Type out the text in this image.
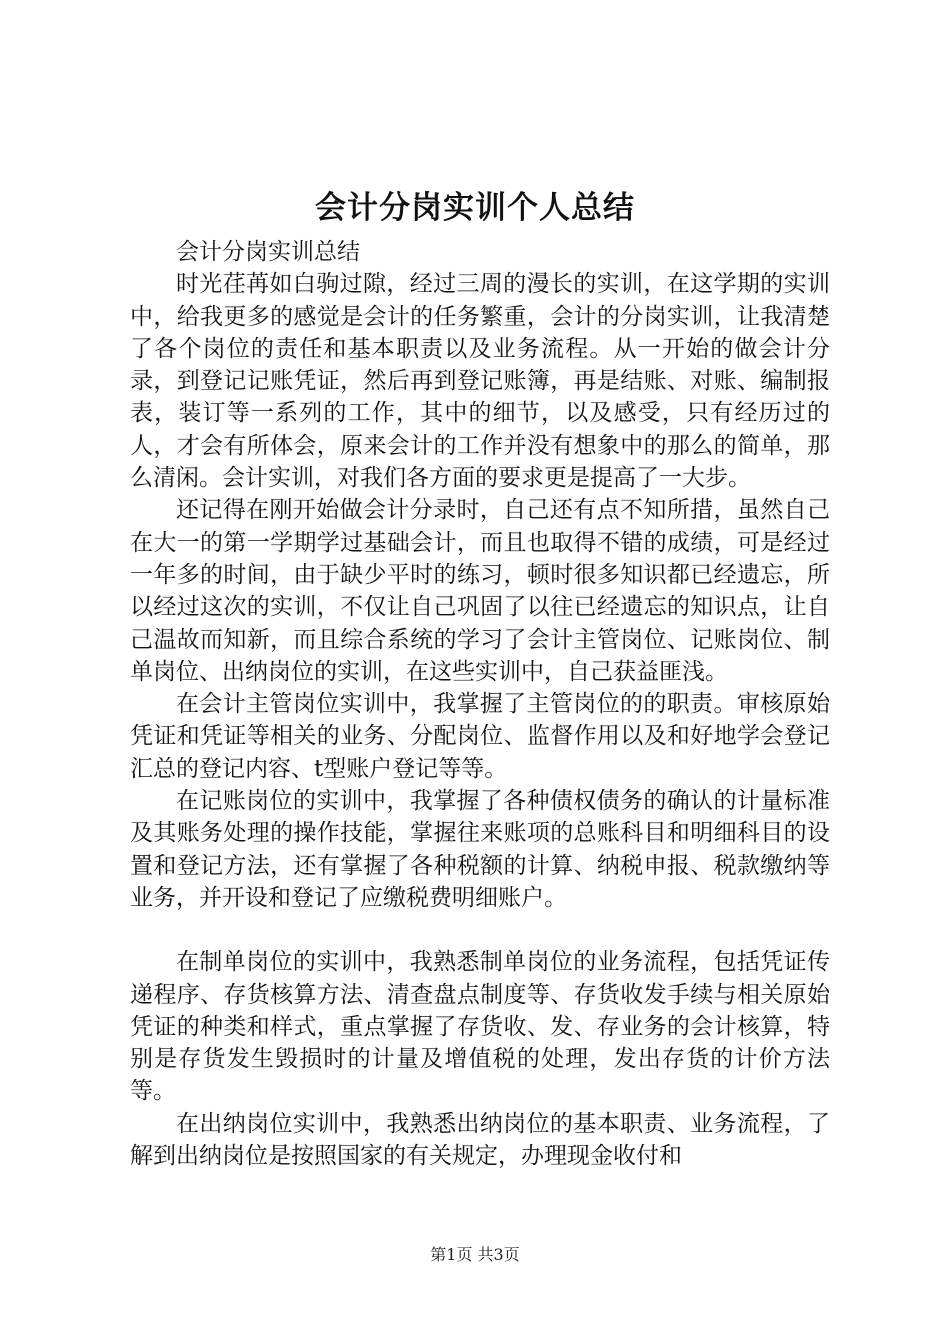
会计分岗实训个人总结

会计分岗实训总结

时光荏苒如白驹过隙，经过三周的漫长的实训，在这学期的实训中，给我更多的感觉是会计的任务繁重，会计的分岗实训，让我清楚了各个岗位的责任和基本职责以及业务流程。从一开始的做会计分录，到登记记账凭证，然后再到登记账簿，再是结账、对账、编制报表，装订等一系列的工作，其中的细节，以及感受，只有经历过的人，才会有所体会，原来会计的工作并没有想象中的那么的简单，那么清闲。会计实训，对我们各方面的要求更是提高了一大步。

还记得在刚开始做会计分录时，自己还有点不知所措，虽然自己在大一的第一学期学过基础会计，而且也取得不错的成绩，可是经过一年多的时间，由于缺少平时的练习，顿时很多知识都已经遗忘，所以经过这次的实训，不仅让自己巩固了以往已经遗忘的知识点，让自己温故而知新，而且综合系统的学习了会计主管岗位、记账岗位、制单岗位、出纳岗位的实训，在这些实训中，自己获益匪浅。

在会计主管岗位实训中，我掌握了主管岗位的的职责。审核原始凭证和凭证等相关的业务、分配岗位、监督作用以及和好地学会登记汇总的登记内容、t型账户登记等等。

在记账岗位的实训中，我掌握了各种债权债务的确认的计量标准及其账务处理的操作技能，掌握往来账项的总账科目和明细科目的设置和登记方法，还有掌握了各种税额的计算、纳税申报、税款缴纳等业务，并开设和登记了应缴税费明细账户。

在制单岗位的实训中，我熟悉制单岗位的业务流程，包括凭证传递程序、存货核算方法、清查盘点制度等、存货收发手续与相关原始凭证的种类和样式，重点掌握了存货收、发、存业务的会计核算，特别是存货发生毁损时的计量及增值税的处理，发出存货的计价方法等。

在出纳岗位实训中，我熟悉出纳岗位的基本职责、业务流程，了解到出纳岗位是按照国家的有关规定，办理现金收付和

第1页 共3页
